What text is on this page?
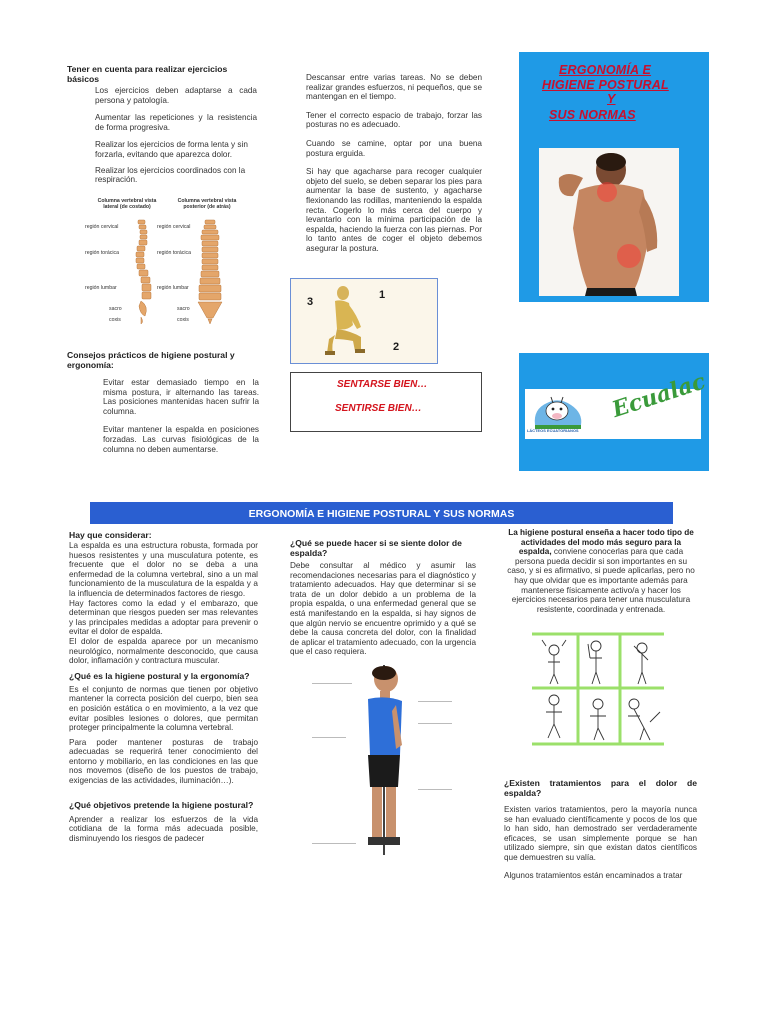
Tener en cuenta para realizar ejercicios básicos

Los ejercicios deben adaptarse a cada persona y patología.

Aumentar las repeticiones y la resistencia de forma progresiva.

Realizar los ejercicios de forma lenta y sin forzarla, evitando que aparezca dolor.

Realizar los ejercicios coordinados con la respiración.

Columna vertebral vista lateral (de costado)
Columna vertebral vista posterior (de atrás)
región cervical
región torácica
región lumbar
sacro
coxis
región cervical
región torácica
región lumbar
sacro
coxis

Consejos prácticos de higiene postural y ergonomía:

Evitar estar demasiado tiempo en la misma postura, ir alternando las tareas. Las posiciones mantenidas hacen sufrir la columna.

Evitar mantener la espalda en posiciones forzadas. Las curvas fisiológicas de la columna no deben aumentarse.

Descansar entre varias tareas. No se deben realizar grandes esfuerzos, ni pequeños, que se mantengan en el tiempo.

Tener el correcto espacio de trabajo, forzar las posturas no es adecuado.

Cuando se camine, optar por una buena postura erguida.

Si hay que agacharse para recoger cualquier objeto del suelo, se deben separar los pies para aumentar la base de sustento, y agacharse flexionando las rodillas, manteniendo la espalda recta. Cogerlo lo más cerca del cuerpo y levantarlo con la mínima participación de la espalda, haciendo la fuerza con las piernas. Por lo tanto antes de coger el objeto debemos asegurar la postura.

3
1
2
SENTARSE BIEN…
SENTIRSE BIEN…
ERGONOMÍA E
HIGIENE POSTURAL
Y
SUS NORMAS
LÁCTEOS ECUATORIANOS
Ecualac
ERGONOMÍA E HIGIENE POSTURAL Y SUS NORMAS

Hay que considerar:

La espalda es una estructura robusta, formada por huesos resistentes y una musculatura potente, es frecuente que el dolor no se deba a una enfermedad de la columna vertebral, sino a un mal funcionamiento de la musculatura de la espalda y a la influencia de determinados factores de riesgo.

Hay factores como la edad y el embarazo, que determinan que riesgos pueden ser mas relevantes y las principales medidas a adoptar para prevenir o evitar el dolor de espalda.

El dolor de espalda aparece por un mecanismo neurológico, normalmente desconocido, que causa dolor, inflamación y contractura muscular.

¿Qué es la higiene postural y la ergonomía?

Es el conjunto de normas que tienen por objetivo mantener la correcta posición del cuerpo, bien sea en posición estática o en movimiento, a la vez que evitar posibles lesiones o dolores, que permitan proteger principalmente la columna vertebral.

Para poder mantener posturas de trabajo adecuadas se requerirá tener conocimiento del entorno y mobiliario, en las condiciones en las que nos movemos (diseño de los puestos de trabajo, exigencias de las actividades, iluminación…).

¿Qué objetivos pretende la higiene postural?

Aprender a realizar los esfuerzos de la vida cotidiana de la forma más adecuada posible, disminuyendo los riesgos de padecer

¿Qué se puede hacer si se siente dolor de espalda?

Debe consultar al médico y asumir las recomendaciones necesarias para el diagnóstico y tratamiento adecuados. Hay que determinar si se trata de un dolor debido a un problema de la propia espalda, o una enfermedad general que se está manifestando en la espalda, si hay signos de que algún nervio se encuentre oprimido y a qué se debe la causa concreta del dolor, con la finalidad de aplicar el tratamiento adecuado, con la urgencia que el caso requiera.

La higiene postural enseña a hacer todo tipo de actividades del modo más seguro para la espalda, conviene conocerlas para que cada persona pueda decidir si son importantes en su caso, y si es afirmativo, si puede aplicarlas, pero no hay que olvidar que es importante además para mantenerse físicamente activo/a y hacer los ejercicios necesarios para tener una musculatura resistente, coordinada y entrenada.

¿Existen tratamientos para el dolor de espalda?

Existen varios tratamientos, pero la mayoría nunca se han evaluado científicamente y pocos de los que lo han sido, han demostrado ser verdaderamente eficaces, se usan simplemente porque se han utilizado siempre, sin que existan datos científicos que demuestren su valía.

Algunos tratamientos están encaminados a tratar
